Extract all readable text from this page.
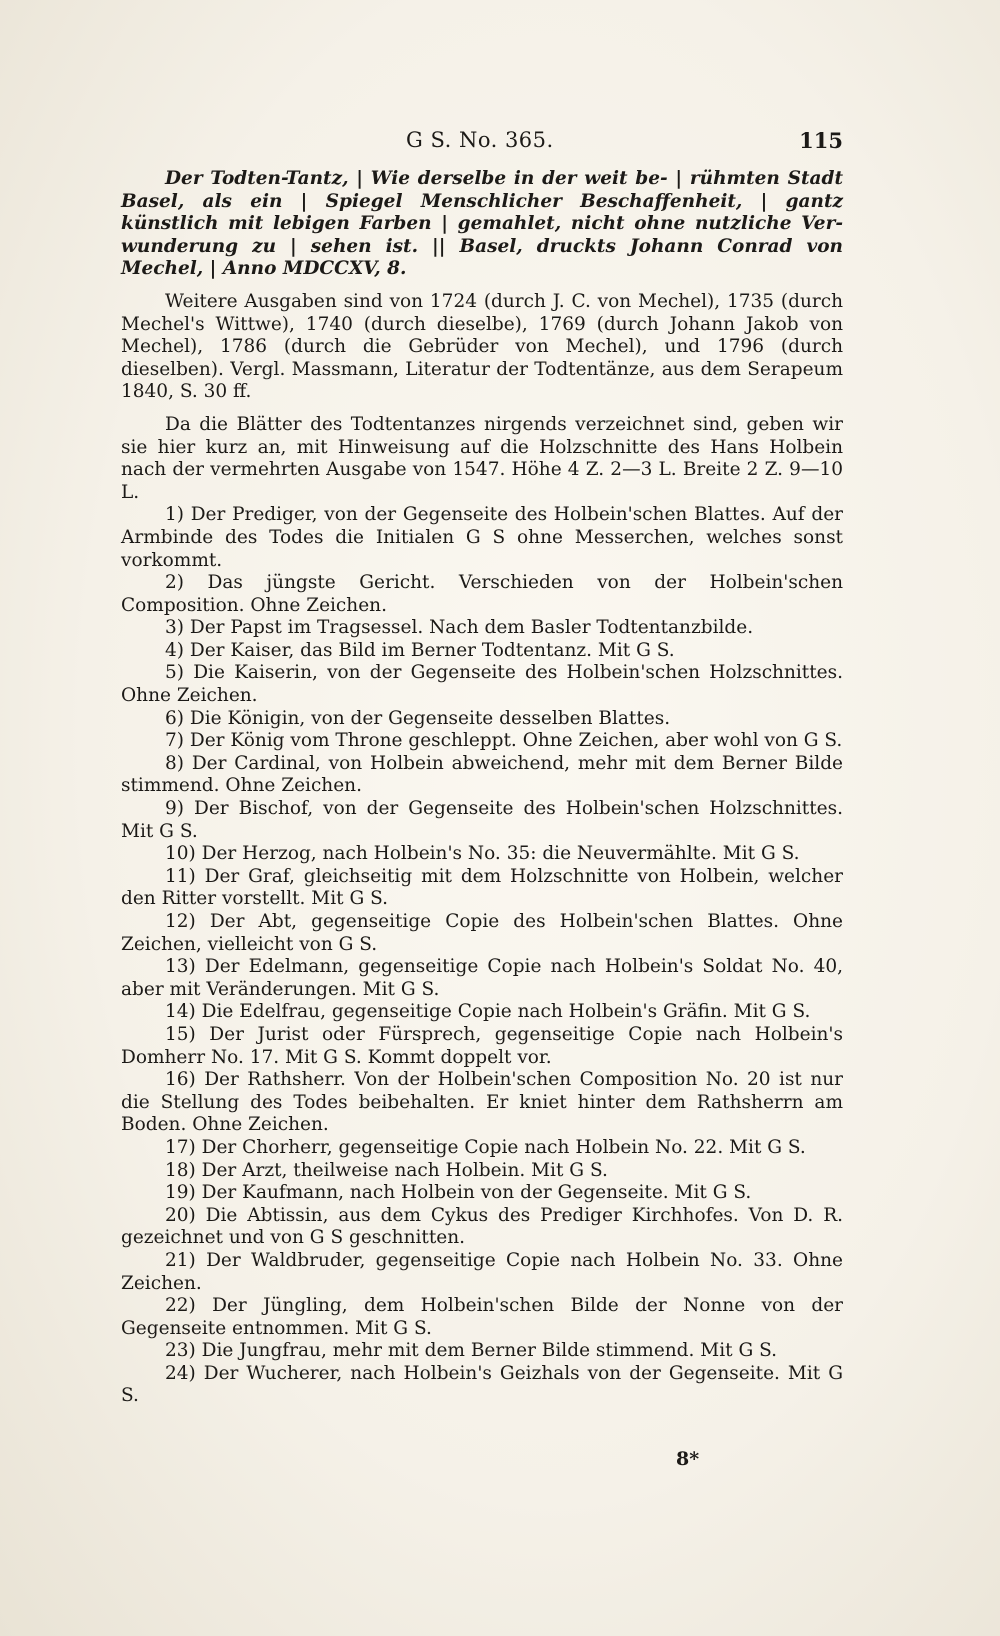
G S. No. 365.	115

Der Todten-Tantz, | Wie derselbe in der weit be- | rühmten Stadt Basel, als ein | Spiegel Menschlicher Beschaffenheit, | gantz künstlich mit lebigen Farben | gemahlet, nicht ohne nutzliche Ver- wunderung zu | sehen ist. || Basel, druckts Johann Conrad von Mechel, | Anno MDCCXV, 8.

Weitere Ausgaben sind von 1724 (durch J. C. von Mechel), 1735 (durch Mechel's Wittwe), 1740 (durch dieselbe), 1769 (durch Johann Jakob von Mechel), 1786 (durch die Gebrüder von Mechel), und 1796 (durch dieselben). Vergl. Massmann, Literatur der Todtentänze, aus dem Serapeum 1840, S. 30 ff.

Da die Blätter des Todtentanzes nirgends verzeichnet sind, geben wir sie hier kurz an, mit Hinweisung auf die Holzschnitte des Hans Holbein nach der vermehrten Ausgabe von 1547. Höhe 4 Z. 2—3 L. Breite 2 Z. 9—10 L.

1) Der Prediger, von der Gegenseite des Holbein'schen Blattes. Auf der Armbinde des Todes die Initialen G S ohne Messerchen, welches sonst vorkommt.

2) Das jüngste Gericht. Verschieden von der Holbein'schen Composition. Ohne Zeichen.

3) Der Papst im Tragsessel. Nach dem Basler Todtentanzbilde.

4) Der Kaiser, das Bild im Berner Todtentanz. Mit G S.

5) Die Kaiserin, von der Gegenseite des Holbein'schen Holzschnittes. Ohne Zeichen.

6) Die Königin, von der Gegenseite desselben Blattes.

7) Der König vom Throne geschleppt. Ohne Zeichen, aber wohl von G S.

8) Der Cardinal, von Holbein abweichend, mehr mit dem Berner Bilde stimmend. Ohne Zeichen.

9) Der Bischof, von der Gegenseite des Holbein'schen Holzschnittes. Mit G S.

10) Der Herzog, nach Holbein's No. 35: die Neuvermählte. Mit G S.

11) Der Graf, gleichseitig mit dem Holzschnitte von Holbein, welcher den Ritter vorstellt. Mit G S.

12) Der Abt, gegenseitige Copie des Holbein'schen Blattes. Ohne Zeichen, vielleicht von G S.

13) Der Edelmann, gegenseitige Copie nach Holbein's Soldat No. 40, aber mit Veränderungen. Mit G S.

14) Die Edelfrau, gegenseitige Copie nach Holbein's Gräfin. Mit G S.

15) Der Jurist oder Fürsprech, gegenseitige Copie nach Holbein's Domherr No. 17. Mit G S. Kommt doppelt vor.

16) Der Rathsherr. Von der Holbein'schen Composition No. 20 ist nur die Stellung des Todes beibehalten. Er kniet hinter dem Rathsherrn am Boden. Ohne Zeichen.

17) Der Chorherr, gegenseitige Copie nach Holbein No. 22. Mit G S.

18) Der Arzt, theilweise nach Holbein. Mit G S.

19) Der Kaufmann, nach Holbein von der Gegenseite. Mit G S.

20) Die Abtissin, aus dem Cykus des Prediger Kirchhofes. Von D. R. gezeichnet und von G S geschnitten.

21) Der Waldbruder, gegenseitige Copie nach Holbein No. 33. Ohne Zeichen.

22) Der Jüngling, dem Holbein'schen Bilde der Nonne von der Gegenseite entnommen. Mit G S.

23) Die Jungfrau, mehr mit dem Berner Bilde stimmend. Mit G S.

24) Der Wucherer, nach Holbein's Geizhals von der Gegenseite. Mit G S.

8*
